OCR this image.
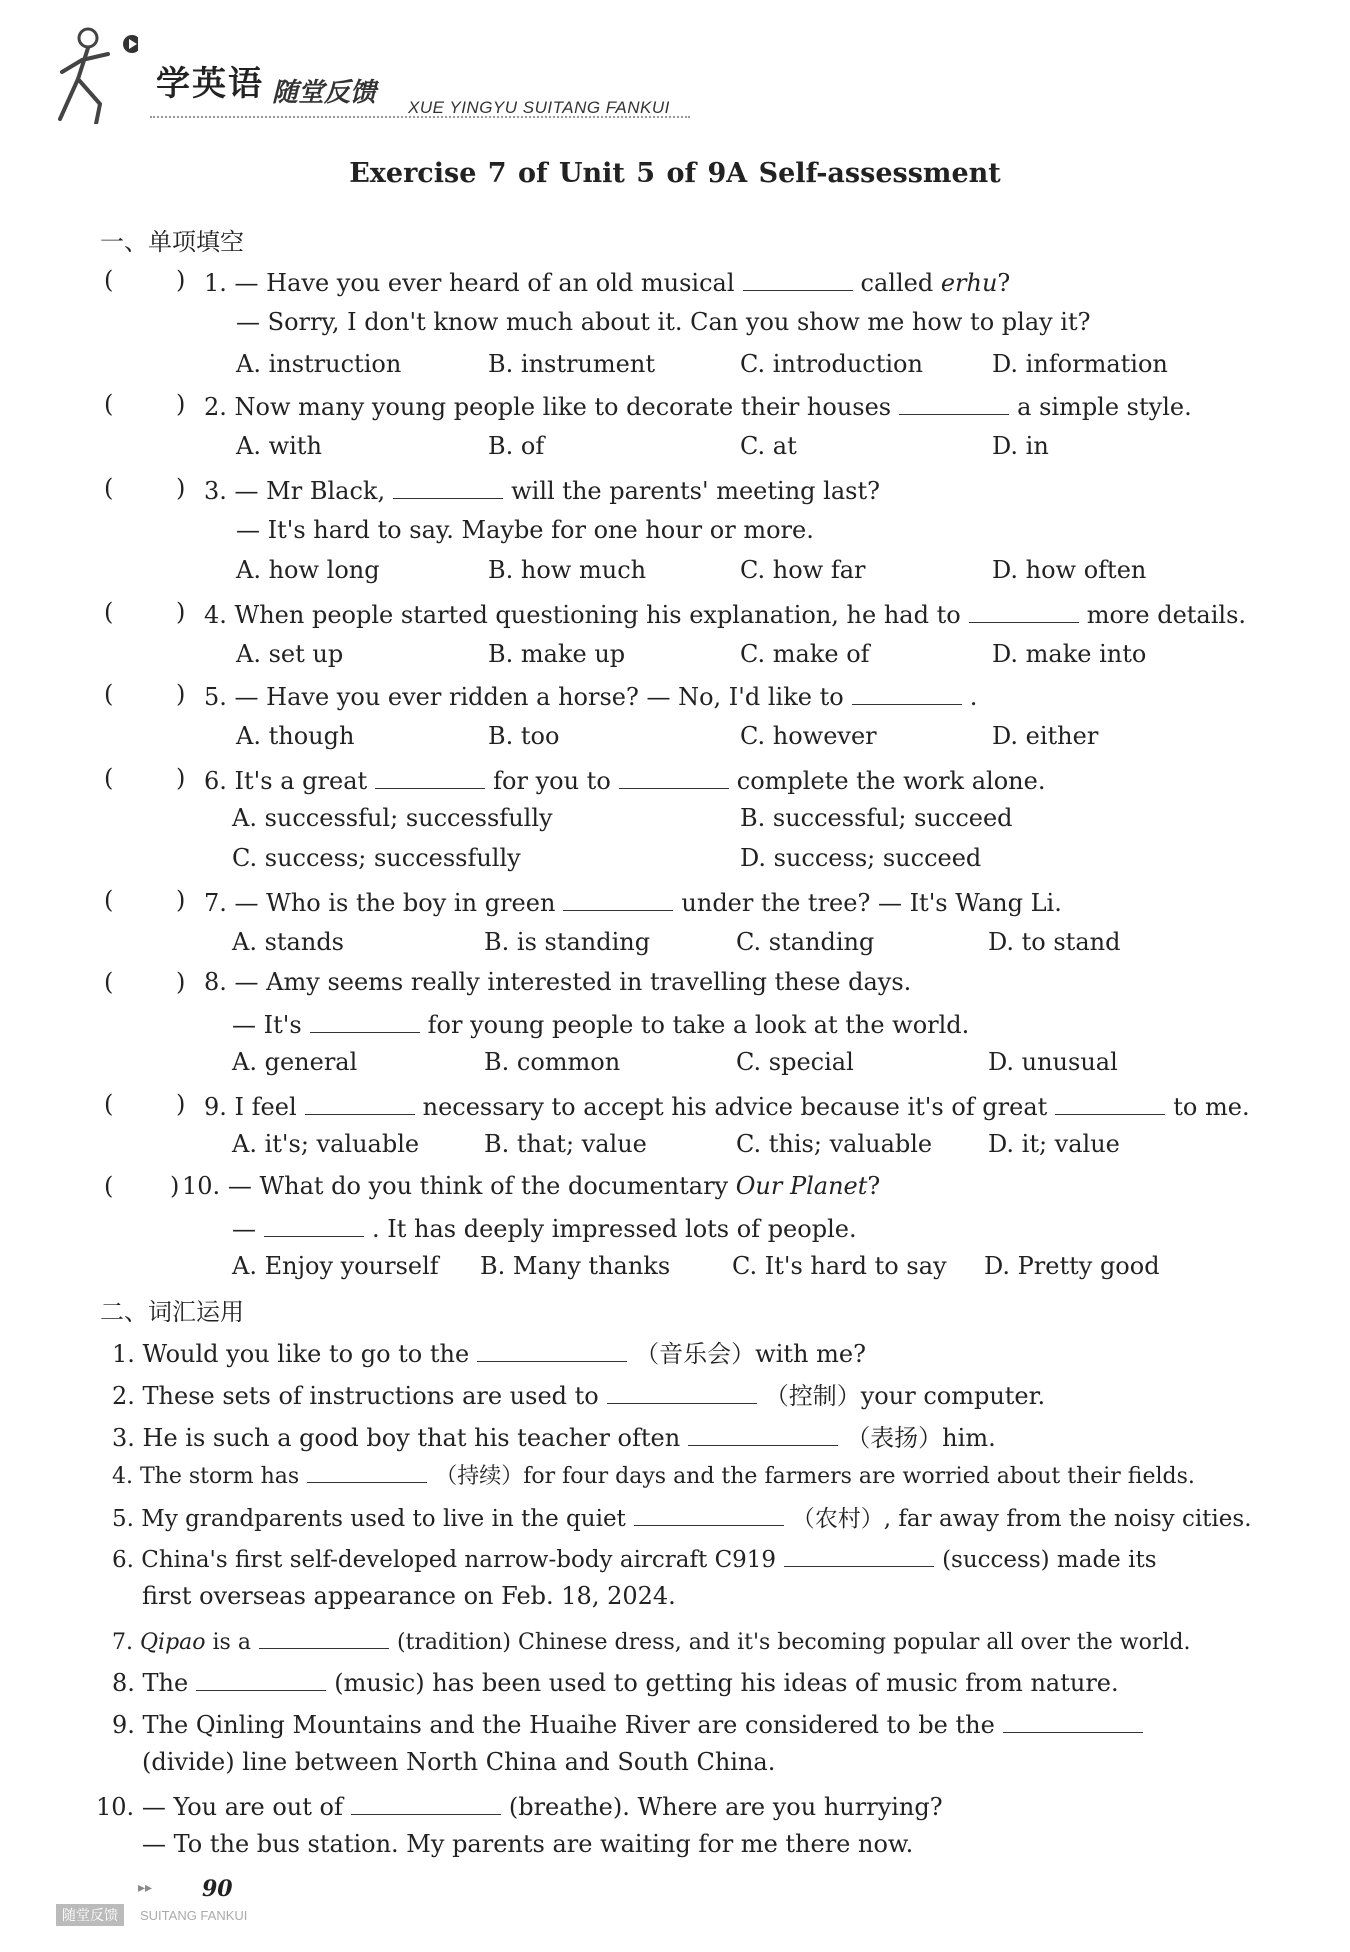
学英语 随堂反馈 XUE YINGYU SUITANG FANKUI
Exercise 7 of Unit 5 of 9A Self-assessment
一、单项填空
(	) 1. — Have you ever heard of an old musical	called erhu?
— Sorry, I don't know much about it. Can you show me how to play it?
A. instruction	B. instrument	C. introduction	D. information
(	) 2. Now many young people like to decorate their houses	a simple style.
A. with	B. of	C. at	D. in
(	) 3. — Mr Black,	will the parents' meeting last?
— It's hard to say. Maybe for one hour or more.
A. how long	B. how much	C. how far	D. how often
(	) 4. When people started questioning his explanation, he had to	more details.
A. set up	B. make up	C. make of	D. make into
(	) 5. — Have you ever ridden a horse? — No, I'd like to	.
A. though	B. too	C. however	D. either
(	) 6. It's a great	for you to	complete the work alone.
A. successful; successfully	B. successful; succeed
C. success; successfully	D. success; succeed
(	) 7. — Who is the boy in green	under the tree? — It's Wang Li.
A. stands	B. is standing	C. standing	D. to stand
(	) 8. — Amy seems really interested in travelling these days.
— It's	for young people to take a look at the world.
A. general	B. common	C. special	D. unusual
(	) 9. I feel	necessary to accept his advice because it's of great	to me.
A. it's; valuable	B. that; value	C. this; valuable D. it; value
( ) 10. — What do you think of the documentary Our Planet?
—	. It has deeply impressed lots of people.
A. Enjoy yourself B. Many thanks	C. It's hard to say D. Pretty good
二、词汇运用
1. Would you like to go to the	（音乐会）with me?
2. These sets of instructions are used to	（控制）your computer.
3. He is such a good boy that his teacher often	（表扬）him.
4. The storm has	（持续）for four days and the farmers are worried about their fields.
5. My grandparents used to live in the quiet	（农村）, far away from the noisy cities.
6. China's first self-developed narrow-body aircraft C919	(success) made its
first overseas appearance on Feb. 18, 2024.
7. Qipao is a	(tradition) Chinese dress, and it's becoming popular all over the world.
8. The	(music) has been used to getting his ideas of music from nature.
9. The Qinling Mountains and the Huaihe River are considered to be the
(divide) line between North China and South China.
10. — You are out of	(breathe). Where are you hurrying?
— To the bus station. My parents are waiting for me there now.
▸▸ 90
随堂反馈	SUITANG FANKUI
